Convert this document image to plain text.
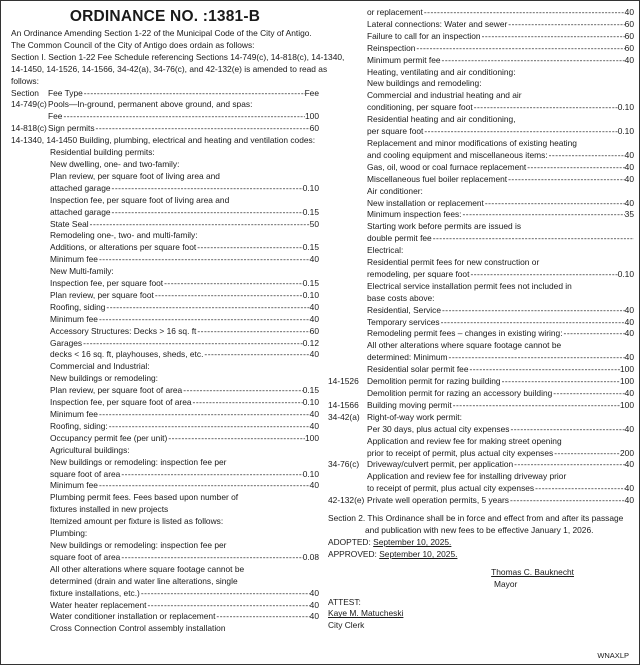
ORDINANCE NO. :1381-B
An Ordinance Amending Section 1-22 of the Municipal Code of the City of Antigo.
The Common Council of the City of Antigo does ordain as follows:
Section I. Section 1-22 Fee Schedule referencing Sections 14-749(c), 14-818(c), 14-1340,
14-1450, 14-1526, 14-1566, 34-42(a), 34-76(c), and 42-132(e) is amended to read as
follows:
Section	Fee Type -----	Fee
14-749(c) Pools—In-ground, permanent above ground, and spas:
Fee -----	100
14-818(c) Sign permits -----	60
14-1340, 14-1450 Building, plumbing, electrical and heating and ventilation codes:
Residential building permits:
New dwelling, one- and two-family:
Plan review, per square foot of living area and
attached garage -----	0.10
Inspection fee, per square foot of living area and
attached garage -----	0.15
State Seal -----	50
Remodeling one-, two- and multi-family:
Additions, or alterations per square foot -----	0.15
Minimum fee -----	40
New Multi-family:
Inspection fee, per square foot -----	0.15
Plan review, per square foot -----	0.10
Roofing, siding -----	40
Minimum fee -----	40
Accessory Structures: Decks > 16 sq. ft -----	60
Garages -----	0.12
decks < 16 sq. ft, playhouses, sheds, etc. -----	40
Commercial and Industrial:
New buildings or remodeling:
Plan review, per square foot of area -----	0.15
Inspection fee, per square foot of area -----	0.10
Minimum fee -----	40
Roofing, siding: -----	40
Occupancy permit fee (per unit) -----	100
Agricultural buildings:
New buildings or remodeling: inspection fee per
square foot of area -----	0.10
Minimum fee -----	40
Plumbing permit fees. Fees based upon number of
fixtures installed in new projects
Itemized amount per fixture is listed as follows:
Plumbing:
New buildings or remodeling: inspection fee per
square foot of area -----	0.08
All other alterations where square footage cannot be
determined (drain and water line alterations, single
fixture installations, etc.) -----	40
Water heater replacement -----	40
Water conditioner installation or replacement -----	40
Cross Connection Control assembly installation
or replacement -----	40
Lateral connections: Water and sewer -----	60
Failure to call for an inspection -----	60
Reinspection -----	60
Minimum permit fee -----	40
Heating, ventilating and air conditioning:
New buildings and remodeling:
Commercial and industrial heating and air
conditioning, per square foot -----	0.10
Residential heating and air conditioning,
per square foot -----	0.10
Replacement and minor modifications of existing heating
and cooling equipment and miscellaneous items: -----	40
Gas, oil, wood or coal furnace replacement -----	40
Miscellaneous fuel boiler replacement -----	40
Air conditioner:
New installation or replacement -----	40
Minimum inspection fees: -----	35
Starting work before permits are issued is
double permit fee
-----
Electrical:
Residential permit fees for new construction or
remodeling, per square foot -----	0.10
Electrical service installation permit fees not included in
base costs above:
Residential, Service -----	40
Temporary services -----	40
Remodeling permit fees – changes in existing wiring: -----	40
All other alterations where square footage cannot be
determined: Minimum -----	40
Residential solar permit fee -----	100
14-1526 Demolition permit for razing building -----	100
Demolition permit for razing an accessory building -----	40
14-1566 Building moving permit -----	100
34-42(a) Right-of-way work permit:
Per 30 days, plus actual city expenses -----	40
Application and review fee for making street opening
prior to receipt of permit, plus actual city expenses -----	200
34-76(c) Driveway/culvert permit, per application -----	40
Application and review fee for installing driveway prior
to receipt of permit, plus actual city expenses -----	40
42-132(e) Private well operation permits, 5 years -----	40
Section 2. This Ordinance shall be in force and effect from and after its passage
and publication with new fees to be effective January 1, 2026.
ADOPTED: September 10, 2025.
APPROVED: September 10, 2025.
Thomas C. Bauknecht
Mayor
ATTEST:
Kaye M. Matucheski
City Clerk
WNAXLP
